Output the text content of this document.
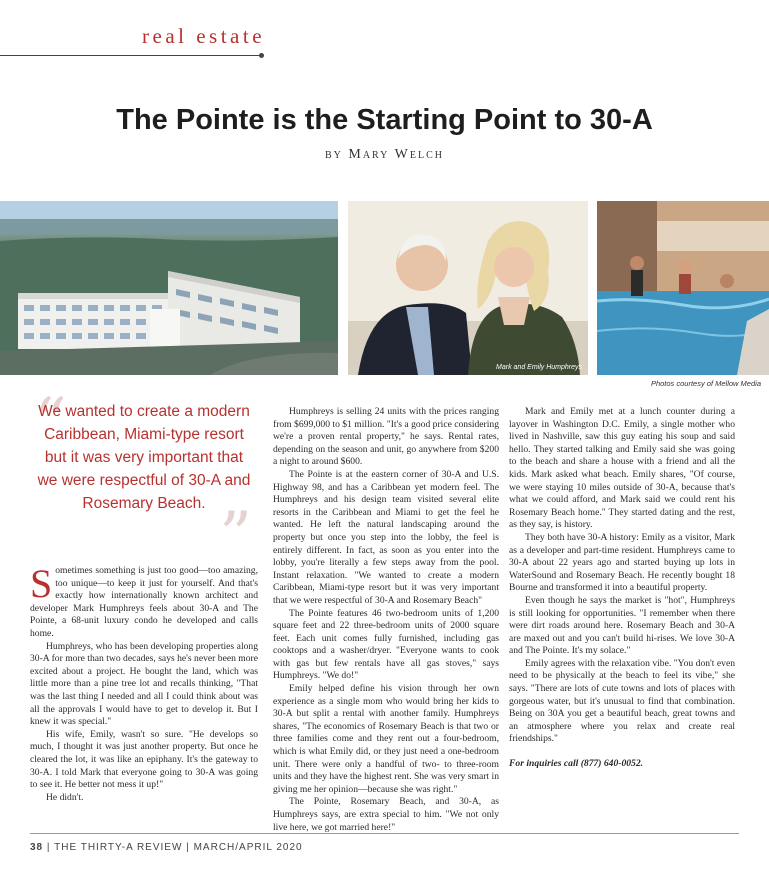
real estate
The Pointe is the Starting Point to 30-A
by Mary Welch
Mark and Emily Humphreys
Photos courtesy of Mellow Media
“
”
We wanted to create a modern Caribbean, Miami-type resort but it was very important that we were respectful of 30-A and Rosemary Beach.

Sometimes something is just too good—too amazing, too unique—to keep it just for yourself. And that's exactly how internationally known architect and developer Mark Humphreys feels about 30-A and The Pointe, a 68-unit luxury condo he developed and calls home.

Humphreys, who has been developing properties along 30-A for more than two decades, says he's never been more excited about a project. He bought the land, which was little more than a pine tree lot and recalls thinking, "That was the last thing I needed and all I could think about was all the approvals I would have to get to develop it. But I knew it was special."

His wife, Emily, wasn't so sure. "He develops so much, I thought it was just another property. But once he cleared the lot, it was like an epiphany. It's the gateway to 30-A. I told Mark that everyone going to 30-A was going to see it. He better not mess it up!"

He didn't.

Humphreys is selling 24 units with the prices ranging from $699,000 to $1 million. "It's a good price considering we're a proven rental property," he says. Rental rates, depending on the season and unit, go anywhere from $200 a night to around $600.

The Pointe is at the eastern corner of 30-A and U.S. Highway 98, and has a Caribbean yet modern feel. The Humphreys and his design team visited several elite resorts in the Caribbean and Miami to get the feel he wanted. He left the natural landscaping around the property but once you step into the lobby, the feel is entirely different. In fact, as soon as you enter into the lobby, you're literally a few steps away from the pool. Instant relaxation. "We wanted to create a modern Caribbean, Miami-type resort but it was very important that we were respectful of 30-A and Rosemary Beach"

The Pointe features 46 two-bedroom units of 1,200 square feet and 22 three-bedroom units of 2000 square feet. Each unit comes fully furnished, including gas cooktops and a washer/dryer. "Everyone wants to cook with gas but few rentals have all gas stoves," says Humphreys. "We do!"

Emily helped define his vision through her own experience as a single mom who would bring her kids to 30-A but split a rental with another family. Humphreys shares, "The economics of Rosemary Beach is that two or three families come and they rent out a four-bedroom, which is what Emily did, or they just need a one-bedroom unit. There were only a handful of two- to three-room units and they have the highest rent. She was very smart in giving me her opinion—because she was right."

The Pointe, Rosemary Beach, and 30-A, as Humphreys says, are extra special to him. "We not only live here, we got married here!"

Mark and Emily met at a lunch counter during a layover in Washington D.C. Emily, a single mother who lived in Nashville, saw this guy eating his soup and said hello. They started talking and Emily said she was going to the beach and share a house with a friend and all the kids. Mark asked what beach. Emily shares, "Of course, we were staying 10 miles outside of 30-A, because that's what we could afford, and Mark said we could rent his Rosemary Beach home." They started dating and the rest, as they say, is history.

They both have 30-A history: Emily as a visitor, Mark as a developer and part-time resident. Humphreys came to 30-A about 22 years ago and started buying up lots in WaterSound and Rosemary Beach. He recently bought 18 Bourne and transformed it into a beautiful property.

Even though he says the market is "hot", Humphreys is still looking for opportunities. "I remember when there were dirt roads around here. Rosemary Beach and 30-A are maxed out and you can't build hi-rises. We love 30-A and The Pointe. It's my solace."

Emily agrees with the relaxation vibe. "You don't even need to be physically at the beach to feel its vibe," she says. "There are lots of cute towns and lots of places with gorgeous water, but it's unusual to find that combination. Being on 30A you get a beautiful beach, great towns and an atmosphere where you relax and create real friendships."

For inquiries call (877) 640-0052.

38 | THE THIRTY-A REVIEW | MARCH/APRIL 2020
